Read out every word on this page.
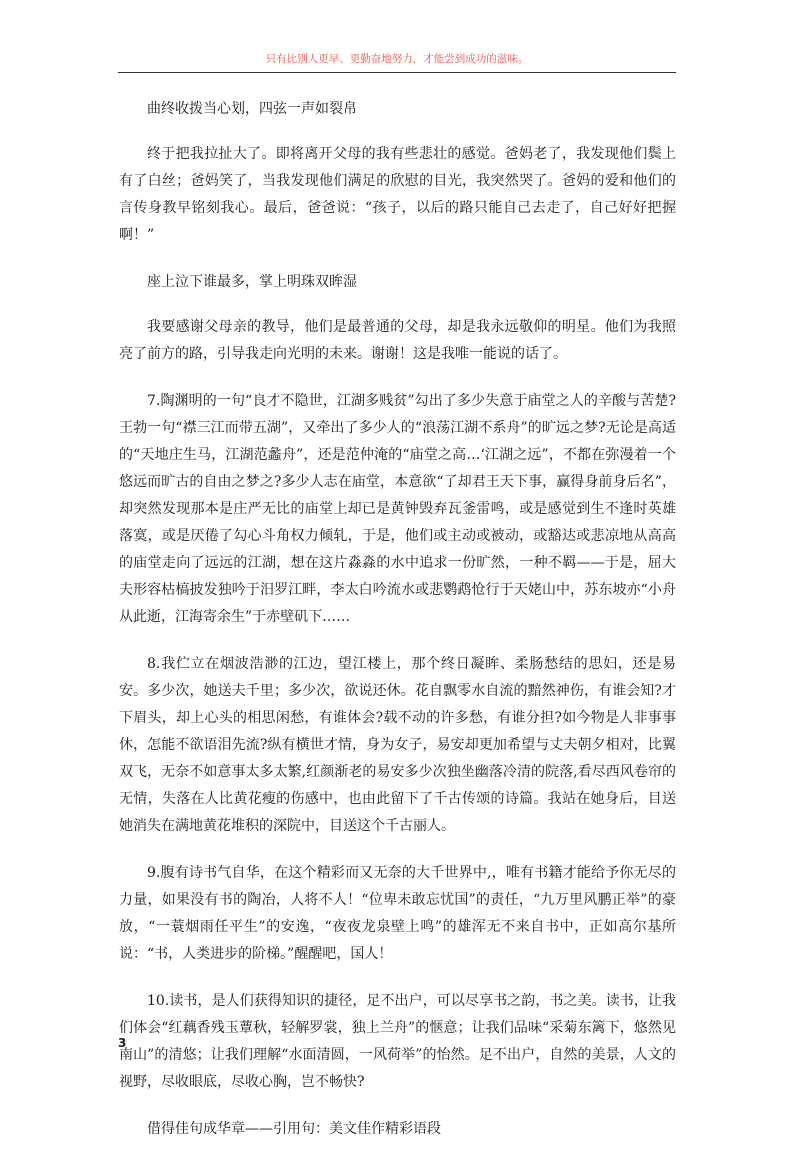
只有比别人更早、更勤奋地努力，才能尝到成功的滋味。

曲终收拨当心划，四弦一声如裂帛

终于把我拉扯大了。即将离开父母的我有些悲壮的感觉。爸妈老了，我发现他们鬓上有了白丝；爸妈笑了，当我发现他们满足的欣慰的目光，我突然哭了。爸妈的爱和他们的言传身教早铭刻我心。最后，爸爸说：“孩子，以后的路只能自己去走了，自己好好把握啊！”

座上泣下谁最多，掌上明珠双眸湿

我要感谢父母亲的教导，他们是最普通的父母，却是我永远敬仰的明星。他们为我照亮了前方的路，引导我走向光明的未来。谢谢！这是我唯一能说的话了。

7.陶渊明的一句“良才不隐世，江湖多贱贫”勾出了多少失意于庙堂之人的辛酸与苦楚?王勃一句“襟三江而带五湖”，又牵出了多少人的“浪荡江湖不系舟”的旷远之梦?无论是高适的“天地庄生马，江湖范蠡舟”，还是范仲淹的“庙堂之高…‘江湖之远”，不都在弥漫着一个悠远而旷古的自由之梦之?多少人志在庙堂，本意欲“了却君王天下事，赢得身前身后名”，却突然发现那本是庄严无比的庙堂上却已是黄钟毁弃瓦釜雷鸣，或是感觉到生不逢时英雄落寞，或是厌倦了勾心斗角权力倾轧，于是，他们或主动或被动，或豁达或悲凉地从高高的庙堂走向了远远的江湖，想在这片淼淼的水中追求一份旷然，一种不羁——于是，屈大夫形容枯槁披发独吟于汨罗江畔，李太白吟流水或悲鹦鹉怆行于天姥山中，苏东坡亦“小舟从此逝，江海寄余生”于赤壁矶下……

8.我伫立在烟波浩渺的江边，望江楼上，那个终日凝眸、柔肠愁结的思妇，还是易安。多少次，她送夫千里；多少次，欲说还休。花自飘零水自流的黯然神伤，有谁会知?才下眉头，却上心头的相思闲愁，有谁体会?载不动的许多愁，有谁分担?如今物是人非事事休，怎能不欲语泪先流?纵有横世才情，身为女子，易安却更加希望与丈夫朝夕相对，比翼双飞，无奈不如意事太多太繁,红颜渐老的易安多少次独坐幽落冷清的院落,看尽西风卷帘的无情，失落在人比黄花瘦的伤感中，也由此留下了千古传颂的诗篇。我站在她身后，目送她消失在满地黄花堆积的深院中，目送这个千古丽人。

9.腹有诗书气自华，在这个精彩而又无奈的大千世界中,，唯有书籍才能给予你无尽的力量，如果没有书的陶冶，人将不人！“位卑未敢忘忧国”的责任，“九万里风鹏正举”的豪放，“一蓑烟雨任平生”的安逸，“夜夜龙泉壁上鸣”的雄浑无不来自书中，正如高尔基所说：“书，人类进步的阶梯。”醒醒吧，国人！

10.读书，是人们获得知识的捷径，足不出户，可以尽享书之韵，书之美。读书，让我们体会“红藕香残玉蕈秋，轻解罗裳，独上兰舟”的惬意；让我们品味“采菊东篱下，悠然见南山”的清悠；让我们理解“水面清圆，一风荷举”的怡然。足不出户，自然的美景，人文的视野，尽收眼底，尽收心胸，岂不畅快?

借得佳句成华章——引用句：美文佳作精彩语段

3
